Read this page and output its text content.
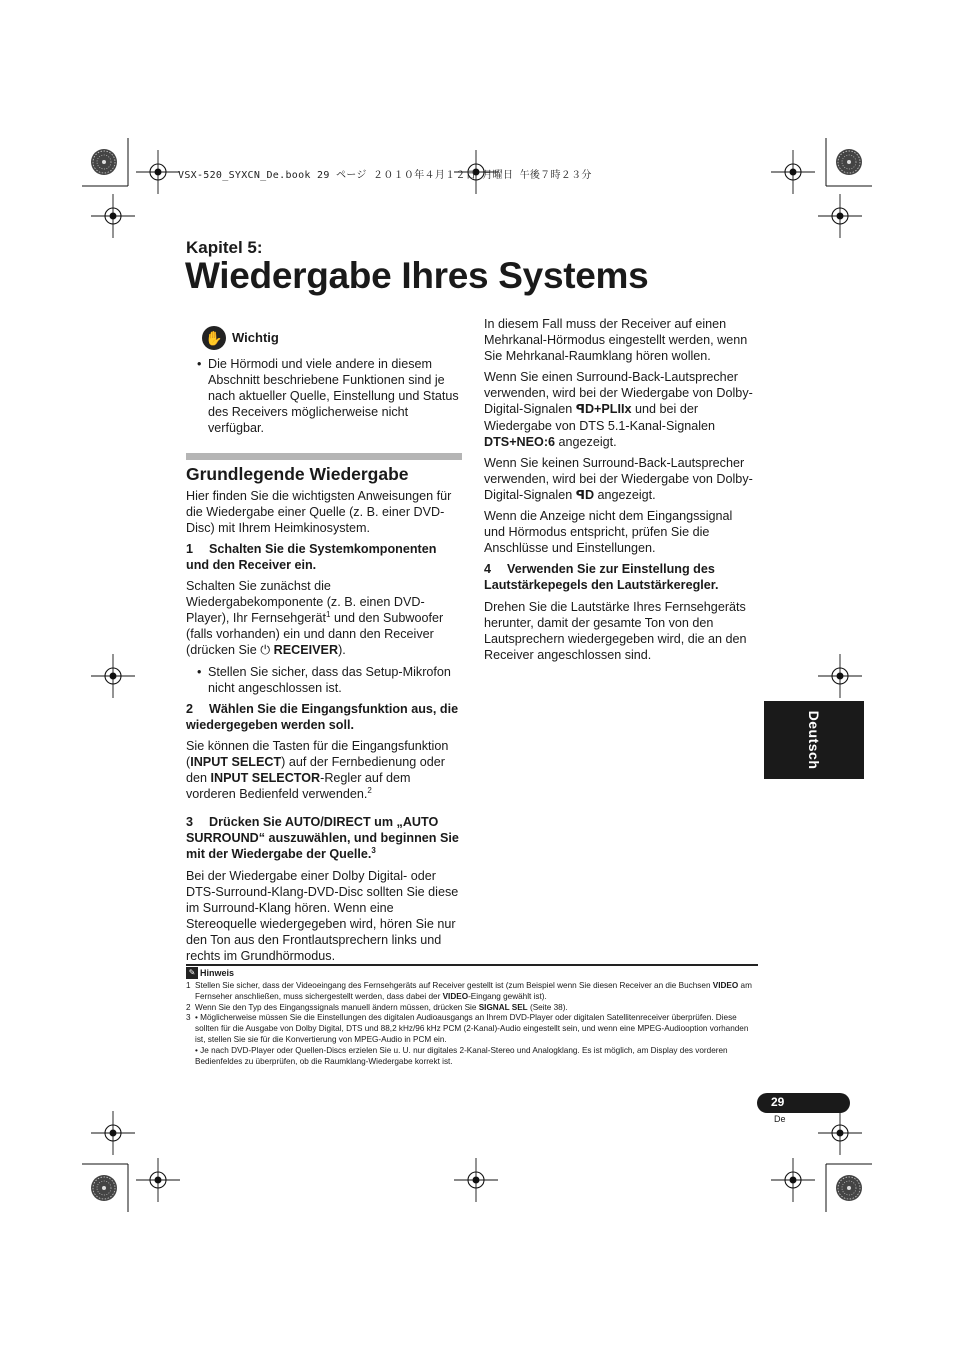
VSX-520_SYXCN_De.book 29 ページ ２０１０年４月１２日 月曜日 午後７時２３分
Kapitel 5:
Wiedergabe Ihres Systems
✋ Wichtig

• Die Hörmodi und viele andere in diesem Abschnitt beschriebene Funktionen sind je nach aktueller Quelle, Einstellung und Status des Receivers möglicherweise nicht verfügbar.

Grundlegende Wiedergabe

Hier finden Sie die wichtigsten Anweisungen für die Wiedergabe einer Quelle (z. B. einer DVD-Disc) mit Ihrem Heimkinosystem.

1 Schalten Sie die Systemkomponenten und den Receiver ein.

Schalten Sie zunächst die Wiedergabekomponente (z. B. einen DVD-Player), Ihr Fernsehgerät$^1$ und den Subwoofer (falls vorhanden) ein und dann den Receiver (drücken Sie ⏻ RECEIVER).

• Stellen Sie sicher, dass das Setup-Mikrofon nicht angeschlossen ist.

2 Wählen Sie die Eingangsfunktion aus, die wiedergegeben werden soll.

Sie können die Tasten für die Eingangsfunktion (INPUT SELECT) auf der Fernbedienung oder den INPUT SELECTOR-Regler auf dem vorderen Bedienfeld verwenden.$^2$

3 Drücken Sie AUTO/DIRECT um „AUTO SURROUND“ auszuwählen, und beginnen Sie mit der Wiedergabe der Quelle.$^3$

Bei der Wiedergabe einer Dolby Digital- oder DTS-Surround-Klang-DVD-Disc sollten Sie diese im Surround-Klang hören. Wenn eine Stereoquelle wiedergegeben wird, hören Sie nur den Ton aus den Frontlautsprechern links und rechts im Grundhörmodus.

In diesem Fall muss der Receiver auf einen Mehrkanal-Hörmodus eingestellt werden, wenn Sie Mehrkanal-Raumklang hören wollen.

Wenn Sie einen Surround-Back-Lautsprecher verwenden, wird bei der Wiedergabe von Dolby-Digital-Signalen ꟼD+PLIIx und bei der Wiedergabe von DTS 5.1-Kanal-Signalen DTS+NEO:6 angezeigt.

Wenn Sie keinen Surround-Back-Lautsprecher verwenden, wird bei der Wiedergabe von Dolby-Digital-Signalen ꟼD angezeigt.

Wenn die Anzeige nicht dem Eingangssignal und Hörmodus entspricht, prüfen Sie die Anschlüsse und Einstellungen.

4 Verwenden Sie zur Einstellung des Lautstärkepegels den Lautstärkeregler.

Drehen Sie die Lautstärke Ihres Fernsehgeräts herunter, damit der gesamte Ton von den Lautsprechern wiedergegeben wird, die an den Receiver angeschlossen sind.

✎ Hinweis
1 Stellen Sie sicher, dass der Videoeingang des Fernsehgeräts auf Receiver gestellt ist (zum Beispiel wenn Sie diesen Receiver an die Buchsen VIDEO am Fernseher anschließen, muss sichergestellt werden, dass dabei der VIDEO-Eingang gewählt ist).
2 Wenn Sie den Typ des Eingangssignals manuell ändern müssen, drücken Sie SIGNAL SEL (Seite 38).
3 • Möglicherweise müssen Sie die Einstellungen des digitalen Audioausgangs an Ihrem DVD-Player oder digitalen Satellitenreceiver überprüfen. Diese sollten für die Ausgabe von Dolby Digital, DTS und 88,2 kHz/96 kHz PCM (2-Kanal)-Audio eingestellt sein, und wenn eine MPEG-Audiooption vorhanden ist, stellen Sie sie für die Konvertierung von MPEG-Audio in PCM ein.
• Je nach DVD-Player oder Quellen-Discs erzielen Sie u. U. nur digitales 2-Kanal-Stereo und Analogklang. Es ist möglich, am Display des vorderen Bedienfeldes zu überprüfen, ob die Raumklang-Wiedergabe korrekt ist.
Deutsch
29
De
